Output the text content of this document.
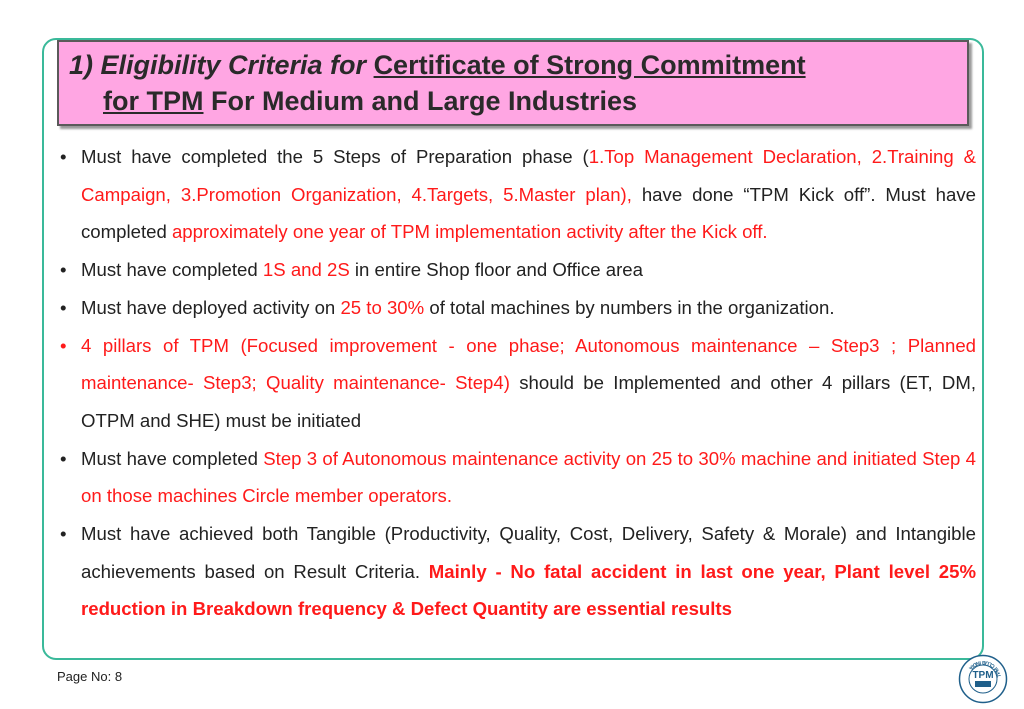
1) Eligibility Criteria for Certificate of Strong Commitment
for TPM For Medium and Large Industries
• Must have completed the 5 Steps of Preparation phase (1.Top Management Declaration, 2.Training & Campaign, 3.Promotion Organization, 4.Targets, 5.Master plan), have done “TPM Kick off”. Must have completed approximately one year of TPM implementation activity after the Kick off.
• Must have completed 1S and 2S in entire Shop floor and Office area
• Must have deployed activity on 25 to 30% of total machines by numbers in the organization.
• 4 pillars of TPM (Focused improvement - one phase; Autonomous maintenance – Step3 ; Planned maintenance- Step3; Quality maintenance- Step4) should be Implemented and other 4 pillars (ET, DM, OTPM and SHE) must be initiated
• Must have completed Step 3 of Autonomous maintenance activity on 25 to 30% machine and initiated Step 4 on those machines Circle member operators.
• Must have achieved both Tangible (Productivity, Quality, Cost, Delivery, Safety & Morale) and Intangible achievements based on Result Criteria. Mainly - No fatal accident in last one year, Plant level 25% reduction in Breakdown frequency & Defect Quantity are essential results
Page No: 8	TPM TPM CLUB INDIA
